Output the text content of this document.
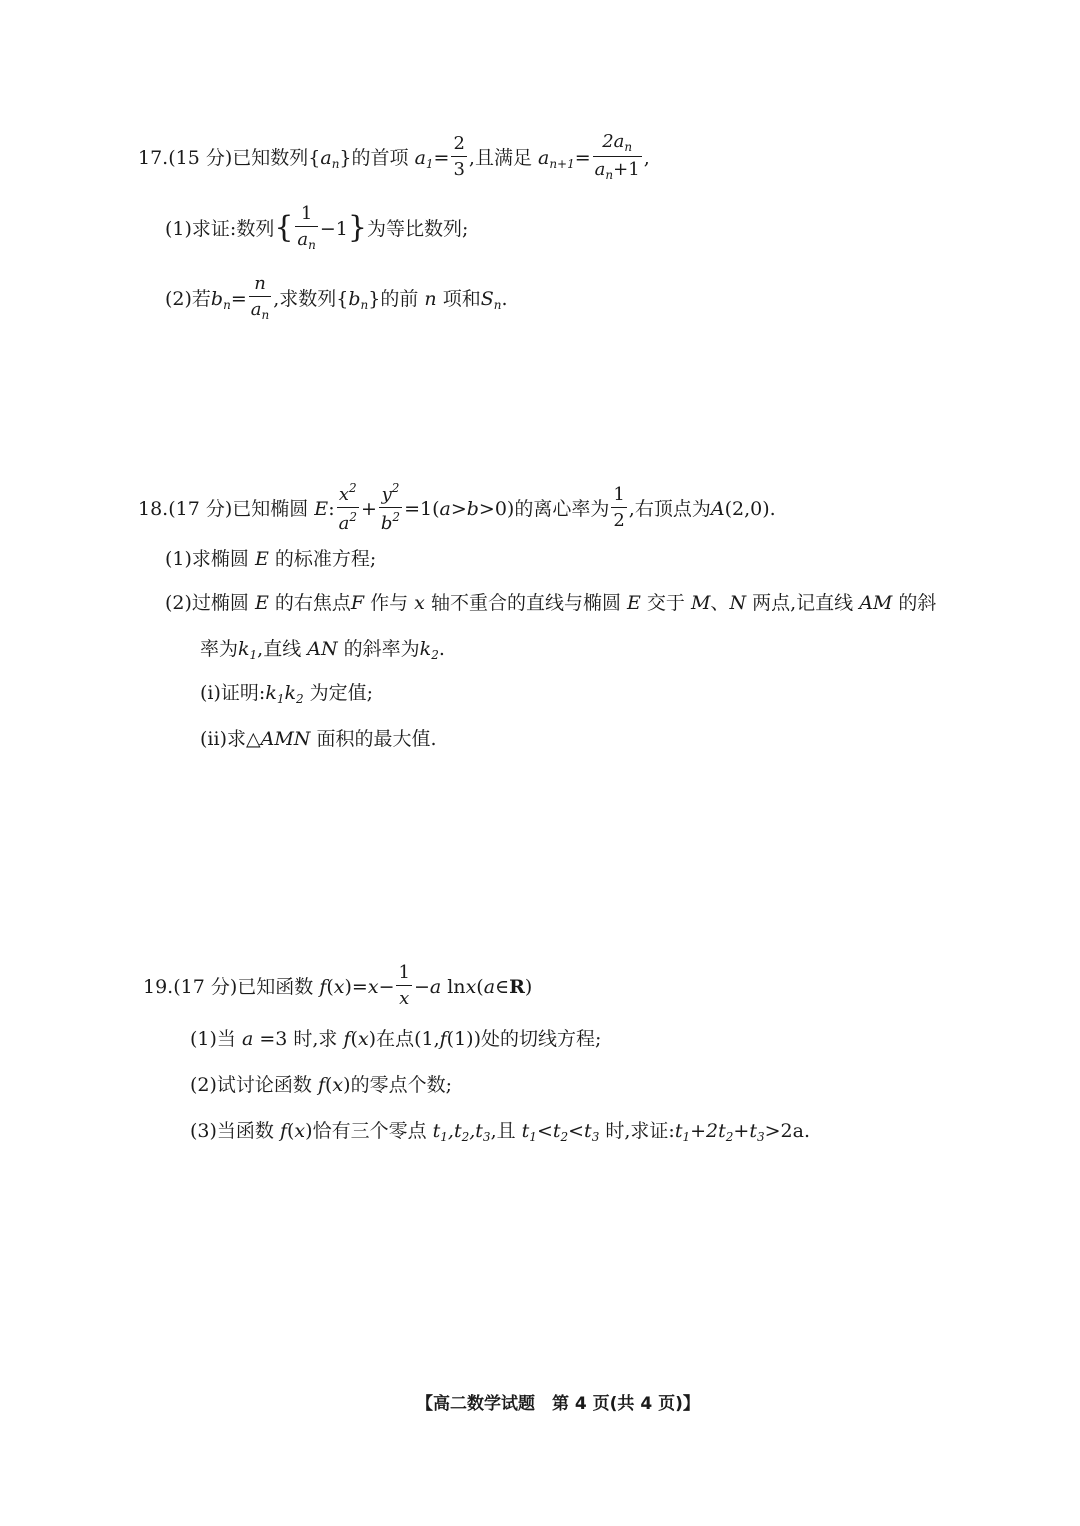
17.(15 分)已知数列$\{a_n\}$的首项 $a_1= \frac{2}{3}$ ,且满足 $a_{n+1}= \frac{2a_n}{a_n+1}$ ,
(1)求证:数列{ $\frac{1}{a_n} -1$}为等比数列;
(2)若$b_n= \frac{n}{a_n}$ ,求数列$\{b_n\}$的前 n 项和$S_n$.
18.(17 分)已知椭圆 E: $\frac{x^2}{a^2} + \frac{y^2}{b^2} =1(a>b>0)$的离心率为 $\frac{1}{2}$ ,右顶点为A(2,0).
(1)求椭圆 E 的标准方程;
(2)过椭圆 E 的右焦点F 作与 x 轴不重合的直线与椭圆 E 交于 M、N 两点,记直线 AM 的斜
率为$k_1$,直线 AN 的斜率为$k_2$.
(i)证明$:k_1k_2$ 为定值;
(ii)求△AMN 面积的最大值.
19.(17 分)已知函数 $f(x)=x- \frac{1}{x} -a$ lnx(a∈R)
(1)当 a =3 时,求 f(x)在点(1,f(1))处的切线方程;
(2)试讨论函数 f(x)的零点个数;
(3)当函数 f(x)恰有三个零点 $t_1,t_2,t_3$,且 $t_1<t_2<t_3$ 时,求证$:t_1+2t_2+t_3>2a$.
【高二数学试题　第 4 页(共 4 页)】
